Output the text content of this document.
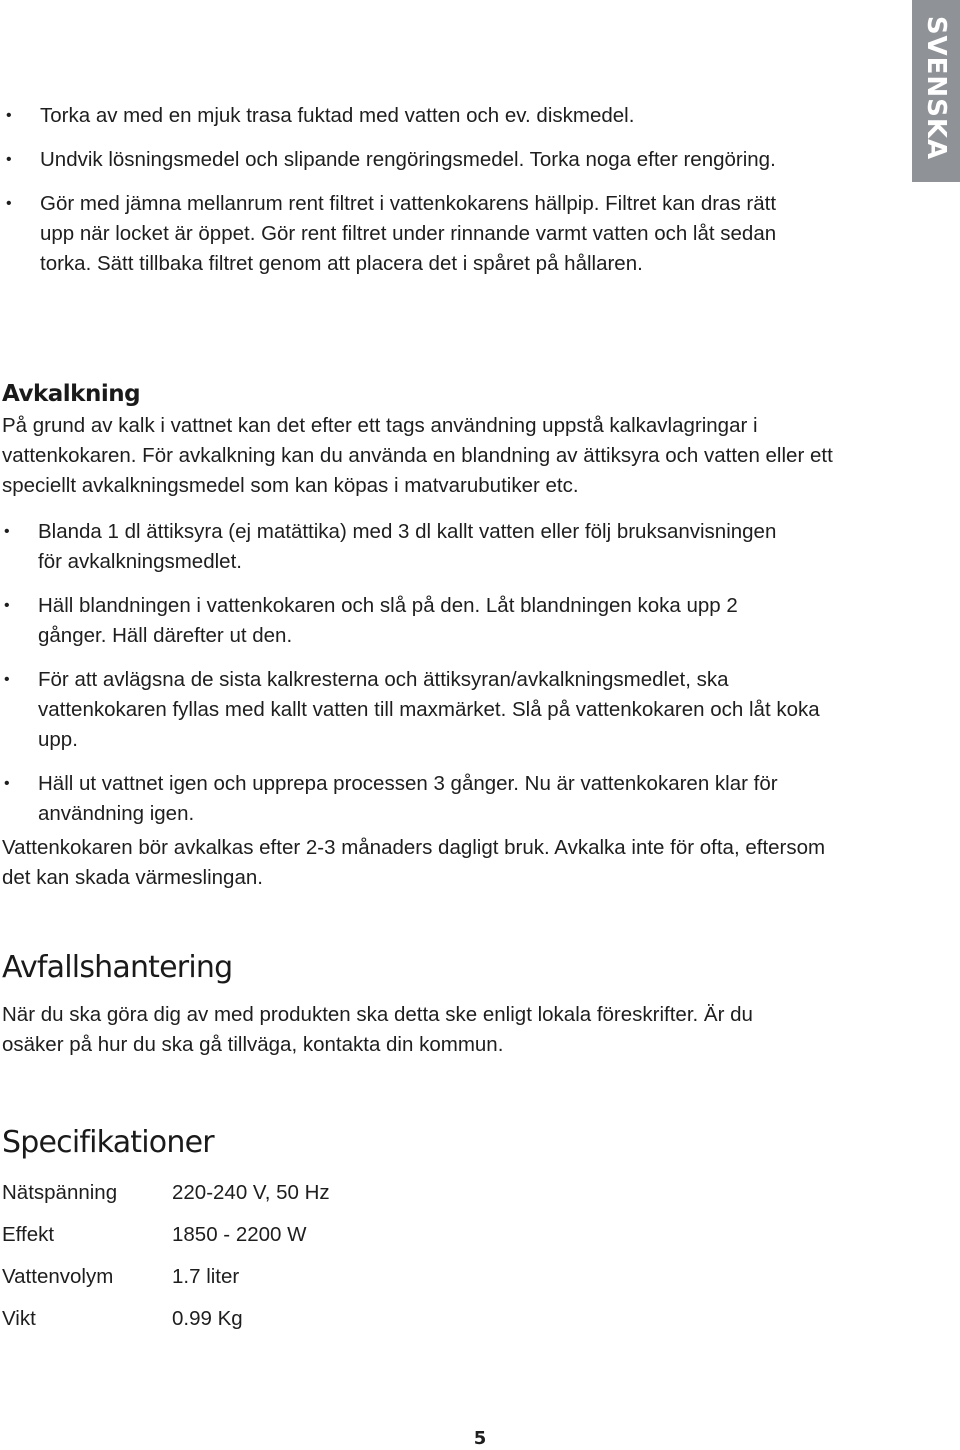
SVENSKA
• Torka av med en mjuk trasa fuktad med vatten och ev. diskmedel.
• Undvik lösningsmedel och slipande rengöringsmedel. Torka noga efter rengöring.
• Gör med jämna mellanrum rent filtret i vattenkokarens hällpip. Filtret kan dras rätt upp när locket är öppet. Gör rent filtret under rinnande varmt vatten och låt sedan torka. Sätt tillbaka filtret genom att placera det i spåret på hållaren.
Avkalkning

På grund av kalk i vattnet kan det efter ett tags användning uppstå kalkavlagringar i vattenkokaren. För avkalkning kan du använda en blandning av ättiksyra och vatten eller ett speciellt avkalkningsmedel som kan köpas i matvarubutiker etc.

• Blanda 1 dl ättiksyra (ej matättika) med 3 dl kallt vatten eller följ bruksanvisningen för avkalkningsmedlet.
• Häll blandningen i vattenkokaren och slå på den. Låt blandningen koka upp 2 gånger. Häll därefter ut den.
• För att avlägsna de sista kalkresterna och ättiksyran/avkalkningsmedlet, ska vattenkokaren fyllas med kallt vatten till maxmärket. Slå på vattenkokaren och låt koka upp.
• Häll ut vattnet igen och upprepa processen 3 gånger. Nu är vattenkokaren klar för användning igen.

Vattenkokaren bör avkalkas efter 2-3 månaders dagligt bruk. Avkalka inte för ofta, eftersom det kan skada värmeslingan.

Avfallshantering

När du ska göra dig av med produkten ska detta ske enligt lokala föreskrifter. Är du osäker på hur du ska gå tillväga, kontakta din kommun.

Specifikationer
Nätspänning	220-240 V, 50 Hz
Effekt	1850 - 2200 W
Vattenvolym	1.7 liter
Vikt	0.99 Kg
5
